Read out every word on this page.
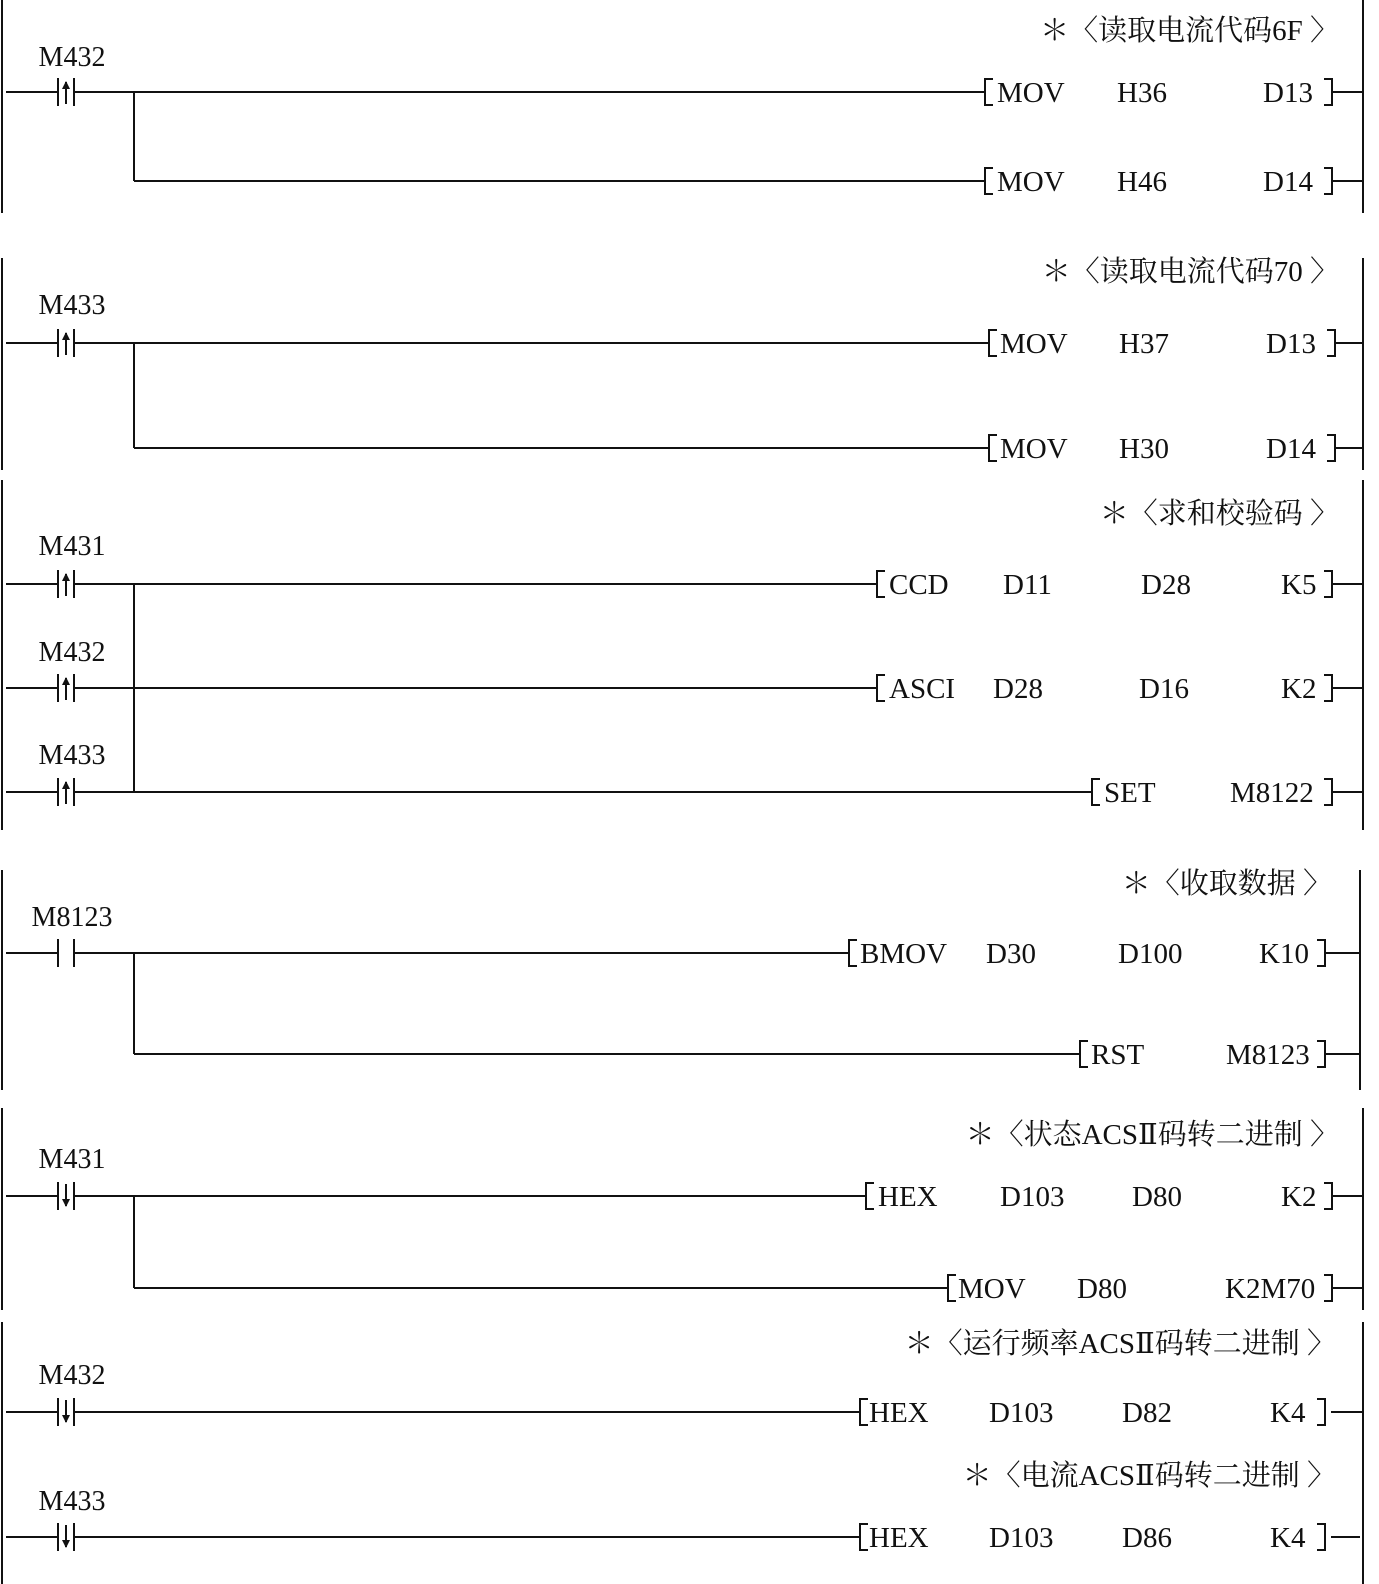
＊〈读取电流代码6F 〉
M432
MOV H36	D13
MOV H46	D14
＊〈读取电流代码70 〉
M433
MOV H37	D13
MOV H30	D14
＊〈求和校验码 〉
M431
M432
M433
CCD D11	D28	K5
ASCI D28	D16	K2
SET	M8122
＊〈收取数据 〉
M8123
BMOV D30	D100	K10
RST	M8123
＊〈状态ACSⅡ码转二进制 〉
M431
HEX D103 D80	K2
MOV D80	K2M70
＊〈运行频率ACSⅡ码转二进制 〉
M432
HEX D103 D82	K4
＊〈电流ACSⅡ码转二进制 〉
M433
HEX D103 D86	K4
